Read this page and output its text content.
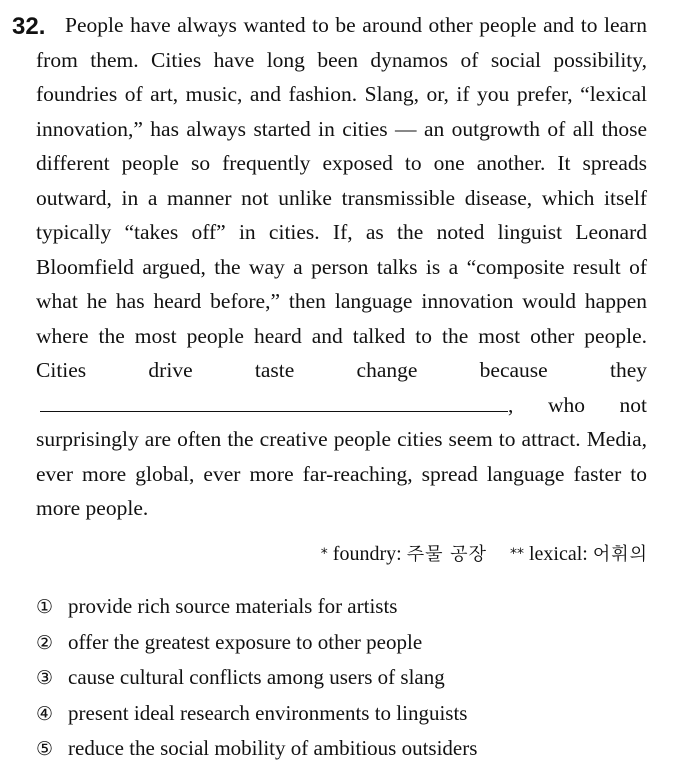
32. People have always wanted to be around other people and to learn from them. Cities have long been dynamos of social possibility, foundries of art, music, and fashion. Slang, or, if you prefer, “lexical innovation,” has always started in cities — an outgrowth of all those different people so frequently exposed to one another. It spreads outward, in a manner not unlike transmissible disease, which itself typically “takes off” in cities. If, as the noted linguist Leonard Bloomfield argued, the way a person talks is a “composite result of what he has heard before,” then language innovation would happen where the most people heard and talked to the most other people. Cities drive taste change because they, who not surprisingly are often the creative people cities seem to attract. Media, ever more global, ever more far-reaching, spread language faster to more people.

* foundry: 주물 공장 ** lexical: 어휘의
① provide rich source materials for artists
② offer the greatest exposure to other people
③ cause cultural conflicts among users of slang
④ present ideal research environments to linguists
⑤ reduce the social mobility of ambitious outsiders
